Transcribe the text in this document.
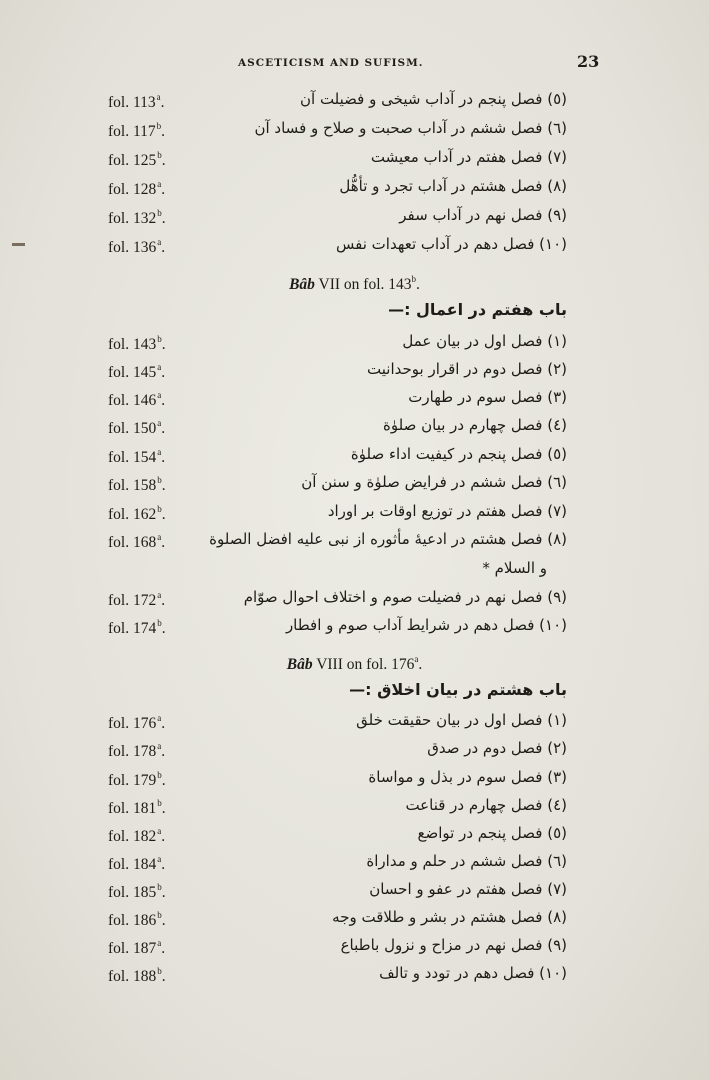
ASCETICISM AND SUFISM.	23
fol. 113$^a$.	(٥) فصل پنجم در آداب شیخی و فضیلت آن
fol. 117$^b$.	(٦) فصل ششم در آداب صحبت و صلاح و فساد آن
fol. 125$^b$.	(٧) فصل هفتم در آداب معیشت
fol. 128$^a$.	(٨) فصل هشتم در آداب تجرد و تأهُّل
fol. 132$^b$.	(٩) فصل نهم در آداب سفر
fol. 136$^a$.	(١٠) فصل دهم در آداب تعهدات نفس
Bâb VII on fol. 143$^b$.
باب هفتم در اعمال :—
fol. 143$^b$.	(١) فصل اول در بیان عمل
fol. 145$^a$.	(٢) فصل دوم در اقرار بوحدانیت
fol. 146$^a$.	(٣) فصل سوم در طهارت
fol. 150$^a$.	(٤) فصل چهارم در بیان صلوٰة
fol. 154$^a$.	(٥) فصل پنجم در کیفیت اداء صلوٰة
fol. 158$^b$.	(٦) فصل ششم در فرایض صلوٰة و سنن آن
fol. 162$^b$.	(٧) فصل هفتم در توزیع اوقات بر اوراد
fol. 168$^a$.	(٨) فصل هشتم در ادعیۀ مأثوره از نبی علیه افضل الصلوة
و السلام *
fol. 172$^a$.	(٩) فصل نهم در فضیلت صوم و اختلاف احوال صوّام
fol. 174$^b$.	(١٠) فصل دهم در شرایط آداب صوم و افطار
Bâb VIII on fol. 176$^a$.
باب هشتم در بیان اخلاق :—
fol. 176$^a$.	(١) فصل اول در بیان حقیقت خلق
fol. 178$^a$.	(٢) فصل دوم در صدق
fol. 179$^b$.	(٣) فصل سوم در بذل و مواساة
fol. 181$^b$.	(٤) فصل چهارم در قناعت
fol. 182$^a$.	(٥) فصل پنجم در تواضع
fol. 184$^a$.	(٦) فصل ششم در حلم و مداراة
fol. 185$^b$.	(٧) فصل هفتم در عفو و احسان
fol. 186$^b$.	(٨) فصل هشتم در بشر و طلاقت وجه
fol. 187$^a$.	(٩) فصل نهم در مزاح و نزول باطباع
fol. 188$^b$.	(١٠) فصل دهم در تودد و تالف
